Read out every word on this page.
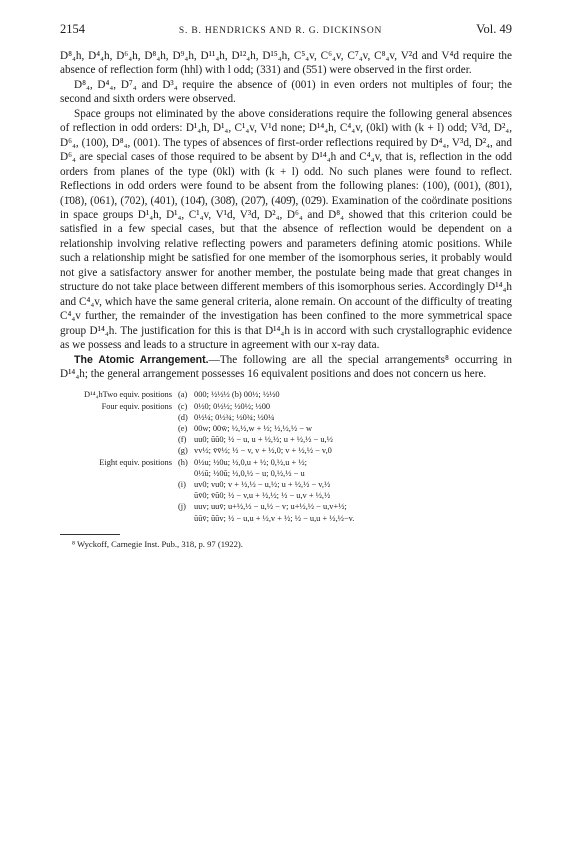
2154	S. B. HENDRICKS AND R. G. DICKINSON	Vol. 49

D⁸₄h, D⁴₄h, D⁶₄h, D⁸₄h, D⁹₄h, D¹¹₄h, D¹²₄h, D¹⁵₄h, C⁵₄v, C⁶₄v, C⁷₄v, C⁸₄v, V²d and V⁴d require the absence of reflection form (hhl) with l odd; (331) and (5̄51) were observed in the first order.

D⁸₄, D⁴₄, D⁷₄ and D³₄ require the absence of (001) in even orders not multiples of four; the second and sixth orders were observed.

Space groups not eliminated by the above considerations require the following general absences of reflection in odd orders: D¹₄h, D¹₄, C¹₄v, V¹d none; D¹⁴₄h, C⁴₄v, (0kl) with (k + l) odd; V³d, D²₄, D⁶₄, (100), D⁸₄, (001). The types of absences of first-order reflections required by D⁴₄, V³d, D²₄, and D⁶₄ are special cases of those required to be absent by D¹⁴₄h and C⁴₄v, that is, reflection in the odd orders from planes of the type (0kl) with (k + l) odd. No such planes were found to reflect. Reflections in odd orders were found to be absent from the following planes: (100), (001), (8̄01), (1̄08), (061), (702), (401), (104̄), (308̄), (207̄), (409̄), (02̄9). Examination of the coördinate positions in space groups D¹₄h, D¹₄, C¹₄v, V¹d, V³d, D²₄, D⁶₄ and D⁸₄ showed that this criterion could be satisfied in a few special cases, but that the absence of reflection would be dependent on a relationship involving relative reflecting powers and parameters defining atomic positions. While such a relationship might be satisfied for one member of the isomorphous series, it probably would not give a satisfactory answer for another member, the postulate being made that great changes in structure do not take place between different members of this isomorphous series. Accordingly D¹⁴₄h and C⁴₄v, which have the same general criteria, alone remain. On account of the difficulty of treating C⁴₄v further, the remainder of the investigation has been confined to the more symmetrical space group D¹⁴₄h. The justification for this is that D¹⁴₄h is in accord with such crystallographic evidence as we possess and leads to a structure in agreement with our x-ray data.

The Atomic Arrangement.—The following are all the special arrangements⁸ occurring in D¹⁴₄h; the general arrangement possesses 16 equivalent positions and does not concern us here.

D¹⁴₄hTwo equiv. positions (a) 000; ½½½ (b) 00½; ½½0
Four equiv. positions (c) 0½0; 0½½; ½0½; ½00
(d) 0½¼; 0½¾; ½0¾; ½0¼
(e) 00w; 00w̄; ½,½,w + ½; ½,½,½ − w
(f) uu0; ūū0; ½ − u, u + ½,½; u + ½,½ − u,½
(g) vv½; v̄v̄½; ½ − v, v + ½,0; v + ½,½ − v,0
Eight equiv. positions (h) 0½u; ½0u; ½,0,u + ½; 0,½,u + ½;
0½ū; ½0ū; ½,0,½ − u; 0,½,½ − u
(i) uv0; vu0; v + ½,½ − u,½; u + ½,½ − v,½
ūv̄0; v̄ū0; ½ − v,u + ½,½; ½ − u,v + ½,½
(j) uuv; uuv̄; u+½,½ − u,½ − v; u+½,½ − u,v+½;
ūūv̄; ūūv; ½ − u,u + ½,v + ½; ½ − u,u + ½,½−v.
⁸ Wyckoff, Carnegie Inst. Pub., 318, p. 97 (1922).
